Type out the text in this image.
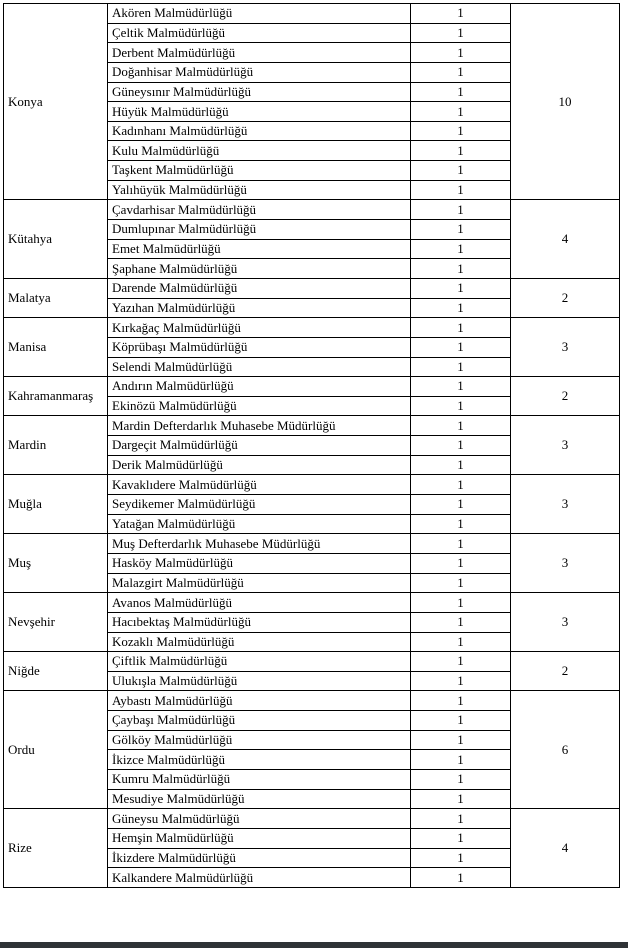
Konya	Akören Malmüdürlüğü	1	10
	Çeltik Malmüdürlüğü	1	
	Derbent Malmüdürlüğü	1	
	Doğanhisar Malmüdürlüğü	1	
	Güneysınır Malmüdürlüğü	1	
	Hüyük Malmüdürlüğü	1	
	Kadınhanı Malmüdürlüğü	1	
	Kulu Malmüdürlüğü	1	
	Taşkent Malmüdürlüğü	1	
	Yalıhüyük Malmüdürlüğü	1	
Kütahya	Çavdarhisar Malmüdürlüğü	1	4
	Dumlupınar Malmüdürlüğü	1	
	Emet Malmüdürlüğü	1	
	Şaphane Malmüdürlüğü	1	
Malatya	Darende Malmüdürlüğü	1	2
	Yazıhan Malmüdürlüğü	1	
Manisa	Kırkağaç Malmüdürlüğü	1	3
	Köprübaşı Malmüdürlüğü	1	
	Selendi Malmüdürlüğü	1	
Kahramanmaraş	Andırın Malmüdürlüğü	1	2
	Ekinözü Malmüdürlüğü	1	
Mardin	Mardin Defterdarlık Muhasebe Müdürlüğü	1	3
	Dargeçit Malmüdürlüğü	1	
	Derik Malmüdürlüğü	1	
Muğla	Kavaklıdere Malmüdürlüğü	1	3
	Seydikemer Malmüdürlüğü	1	
	Yatağan Malmüdürlüğü	1	
Muş	Muş Defterdarlık Muhasebe Müdürlüğü	1	3
	Hasköy Malmüdürlüğü	1	
	Malazgirt Malmüdürlüğü	1	
Nevşehir	Avanos Malmüdürlüğü	1	3
	Hacıbektaş Malmüdürlüğü	1	
	Kozaklı Malmüdürlüğü	1	
Niğde	Çiftlik Malmüdürlüğü	1	2
	Ulukışla Malmüdürlüğü	1	
Ordu	Aybastı Malmüdürlüğü	1	6
	Çaybaşı Malmüdürlüğü	1	
	Gölköy Malmüdürlüğü	1	
	İkizce Malmüdürlüğü	1	
	Kumru Malmüdürlüğü	1	
	Mesudiye Malmüdürlüğü	1	
Rize	Güneysu Malmüdürlüğü	1	4
	Hemşin Malmüdürlüğü	1	
	İkizdere Malmüdürlüğü	1	
	Kalkandere Malmüdürlüğü	1	
